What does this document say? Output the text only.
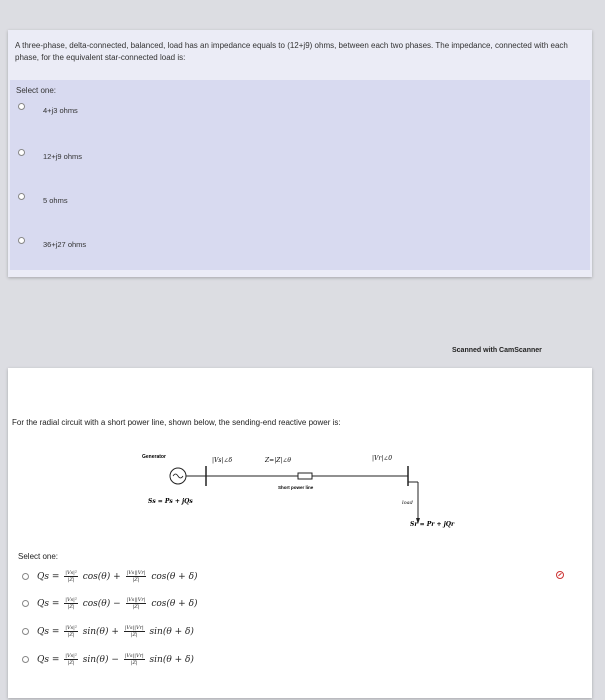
A three-phase, delta-connected, balanced, load has an impedance equals to (12+j9) ohms, between each two phases. The impedance, connected with each phase, for the equivalent star-connected load is:
Select one:
4+j3 ohms
12+j9 ohms
5 ohms
36+j27 ohms
Scanned with CamScanner
For the radial circuit with a short power line, shown below, the sending-end reactive power is:
Generator	|Vs|∠δ	Z=|Z|∠θ
Short power line
|Vr|∠0
load
Ss = Ps + jQs
Sr = Pr + jQr
Select one:
$Qs = \frac{\text{|Vs|²}}{|Z|} \cos(\theta) + \frac{|Vs||Vr|}{|Z|} \cos(\theta + \delta)$
$Qs = \frac{\text{|Vs|²}}{|Z|} \cos(\theta) - \frac{|Vs||Vr|}{|Z|} \cos(\theta + \delta)$
$Qs = \frac{\text{|Vs|²}}{|Z|} \sin(\theta) + \frac{|Vs||Vr|}{|Z|} \sin(\theta + \delta)$
$Qs = \frac{\text{|Vs|²}}{|Z|} \sin(\theta) - \frac{|Vs||Vr|}{|Z|} \sin(\theta + \delta)$
